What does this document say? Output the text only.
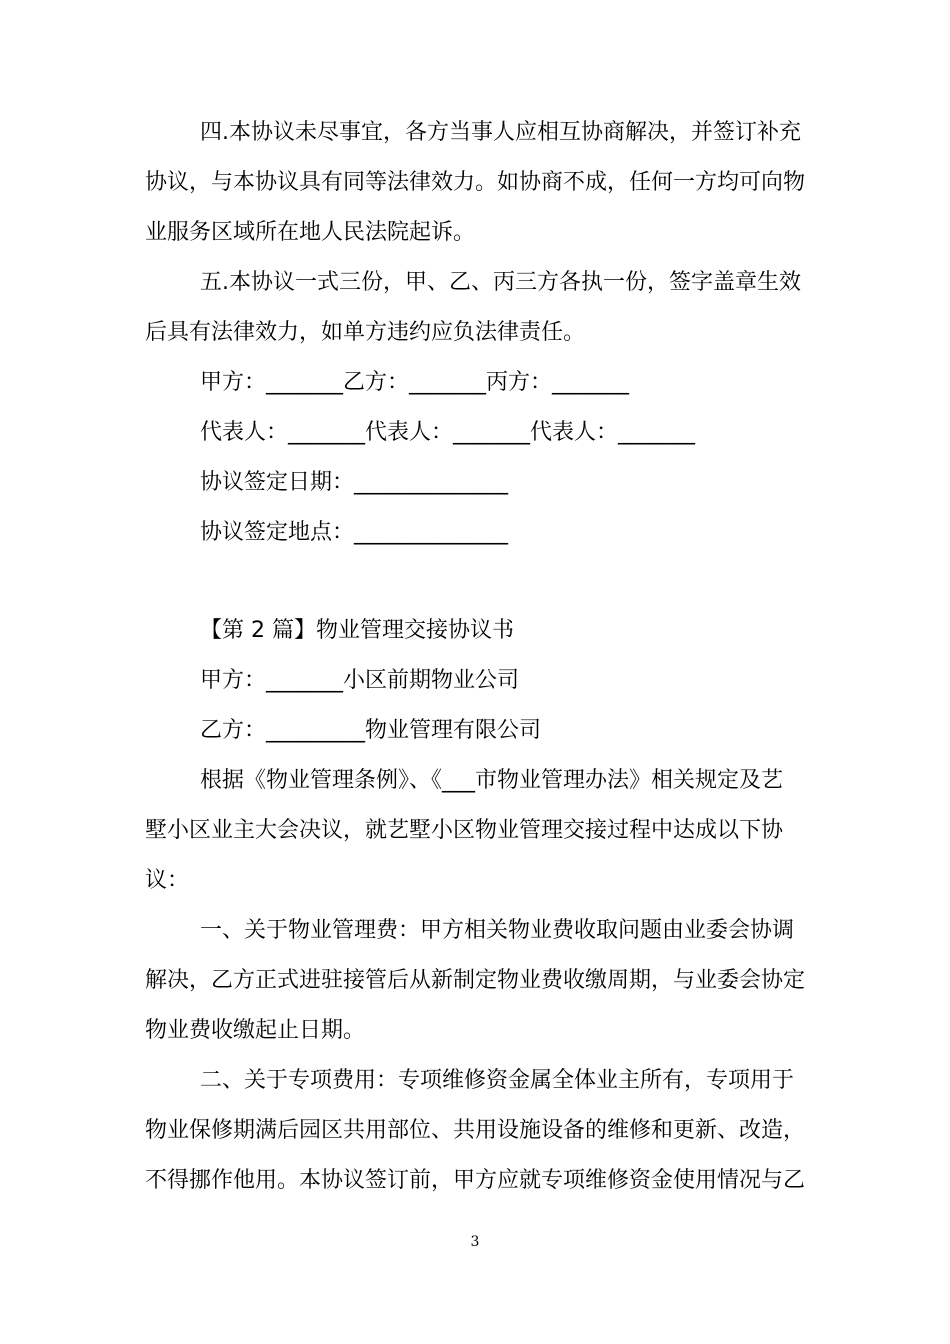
四.本协议未尽事宜，各方当事人应相互协商解决，并签订补充
协议，与本协议具有同等法律效力。如协商不成，任何一方均可向物
业服务区域所在地人民法院起诉。
五.本协议一式三份，甲、乙、丙三方各执一份，签字盖章生效
后具有法律效力，如单方违约应负法律责任。
甲方：_______乙方：_______丙方：_______
代表人：_______代表人：_______代表人：_______
协议签定日期：______________
协议签定地点：______________
【第 2 篇】物业管理交接协议书
甲方：_______小区前期物业公司
乙方：_________物业管理有限公司
根据《物业管理条例》、《___市物业管理办法》相关规定及艺
墅小区业主大会决议，就艺墅小区物业管理交接过程中达成以下协
议：
一、关于物业管理费：甲方相关物业费收取问题由业委会协调
解决，乙方正式进驻接管后从新制定物业费收缴周期，与业委会协定
物业费收缴起止日期。
二、关于专项费用：专项维修资金属全体业主所有，专项用于
物业保修期满后园区共用部位、共用设施设备的维修和更新、改造，
不得挪作他用。本协议签订前，甲方应就专项维修资金使用情况与乙
3
